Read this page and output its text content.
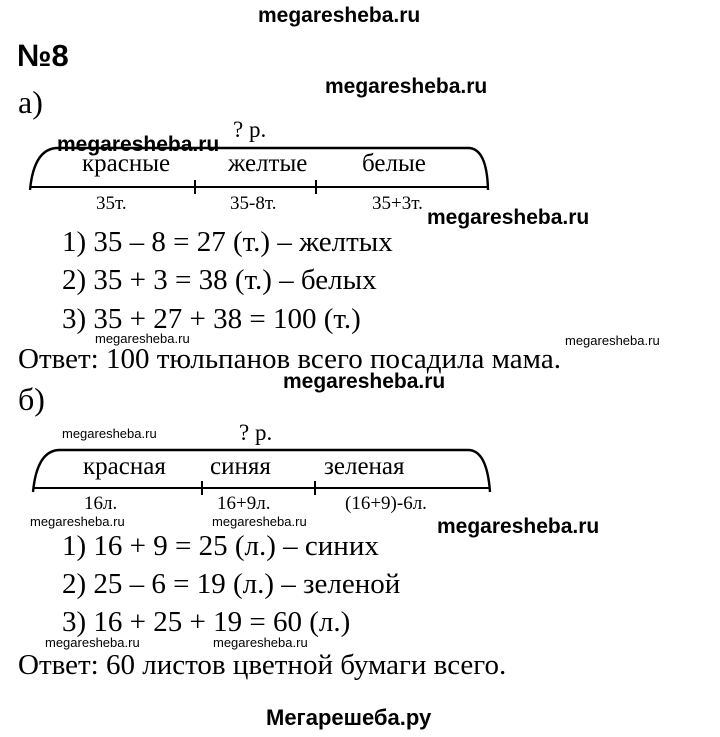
megaresheba.ru
№8
а)	megaresheba.ru
megaresheba.ru
? р.
красные желтые белые
35т.	35-8т.	35+3т.
megaresheba.ru
1) 35 – 8 = 27 (т.) – желтых
2) 35 + 3 = 38 (т.) – белых
3) 35 + 27 + 38 = 100 (т.)
megaresheba.ru	megaresheba.ru
Ответ: 100 тюльпанов всего посадила мама.
megaresheba.ru
б)
megaresheba.ru	? р.
красная синяя зеленая
16л.	16+9л.	(16+9)-6л.
megaresheba.ru	megaresheba.ru	megaresheba.ru
1) 16 + 9 = 25 (л.) – синих
2) 25 – 6 = 19 (л.) – зеленой
3) 16 + 25 + 19 = 60 (л.)
megaresheba.ru	megaresheba.ru
Ответ: 60 листов цветной бумаги всего.
Мегарешеба.ру
